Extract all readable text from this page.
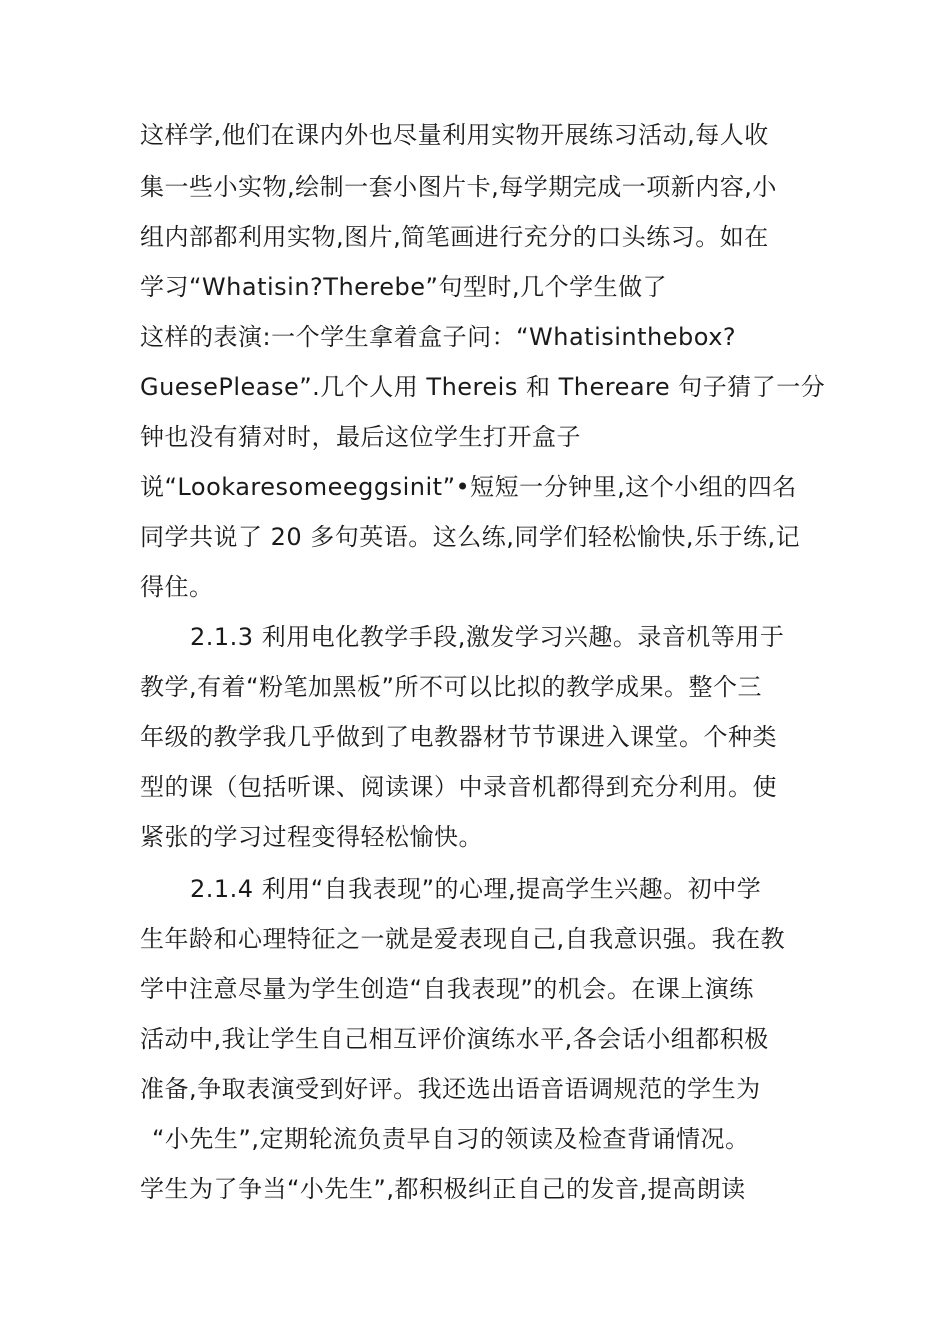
这样学,他们在课内外也尽量利用实物开展练习活动,每人收
集一些小实物,绘制一套小图片卡,每学期完成一项新内容,小
组内部都利用实物,图片,简笔画进行充分的口头练习。如在
学习“Whatisin?Therebe”句型时,几个学生做了
这样的表演:一个学生拿着盒子问：“Whatisinthebox?
GuesePlease”.几个人用 Thereis 和 Thereare 句子猜了一分
钟也没有猜对时，最后这位学生打开盒子
说“Lookaresomeeggsinit”•短短一分钟里,这个小组的四名
同学共说了 20 多句英语。这么练,同学们轻松愉快,乐于练,记
得住。
2.1.3 利用电化教学手段,激发学习兴趣。录音机等用于
教学,有着“粉笔加黑板”所不可以比拟的教学成果。整个三
年级的教学我几乎做到了电教器材节节课进入课堂。个种类
型的课（包括听课、阅读课）中录音机都得到充分利用。使
紧张的学习过程变得轻松愉快。
2.1.4 利用“自我表现”的心理,提高学生兴趣。初中学
生年龄和心理特征之一就是爱表现自己,自我意识强。我在教
学中注意尽量为学生创造“自我表现”的机会。在课上演练
活动中,我让学生自己相互评价演练水平,各会话小组都积极
准备,争取表演受到好评。我还选出语音语调规范的学生为
“小先生”,定期轮流负责早自习的领读及检查背诵情况。
学生为了争当“小先生”,都积极纠正自己的发音,提高朗读
